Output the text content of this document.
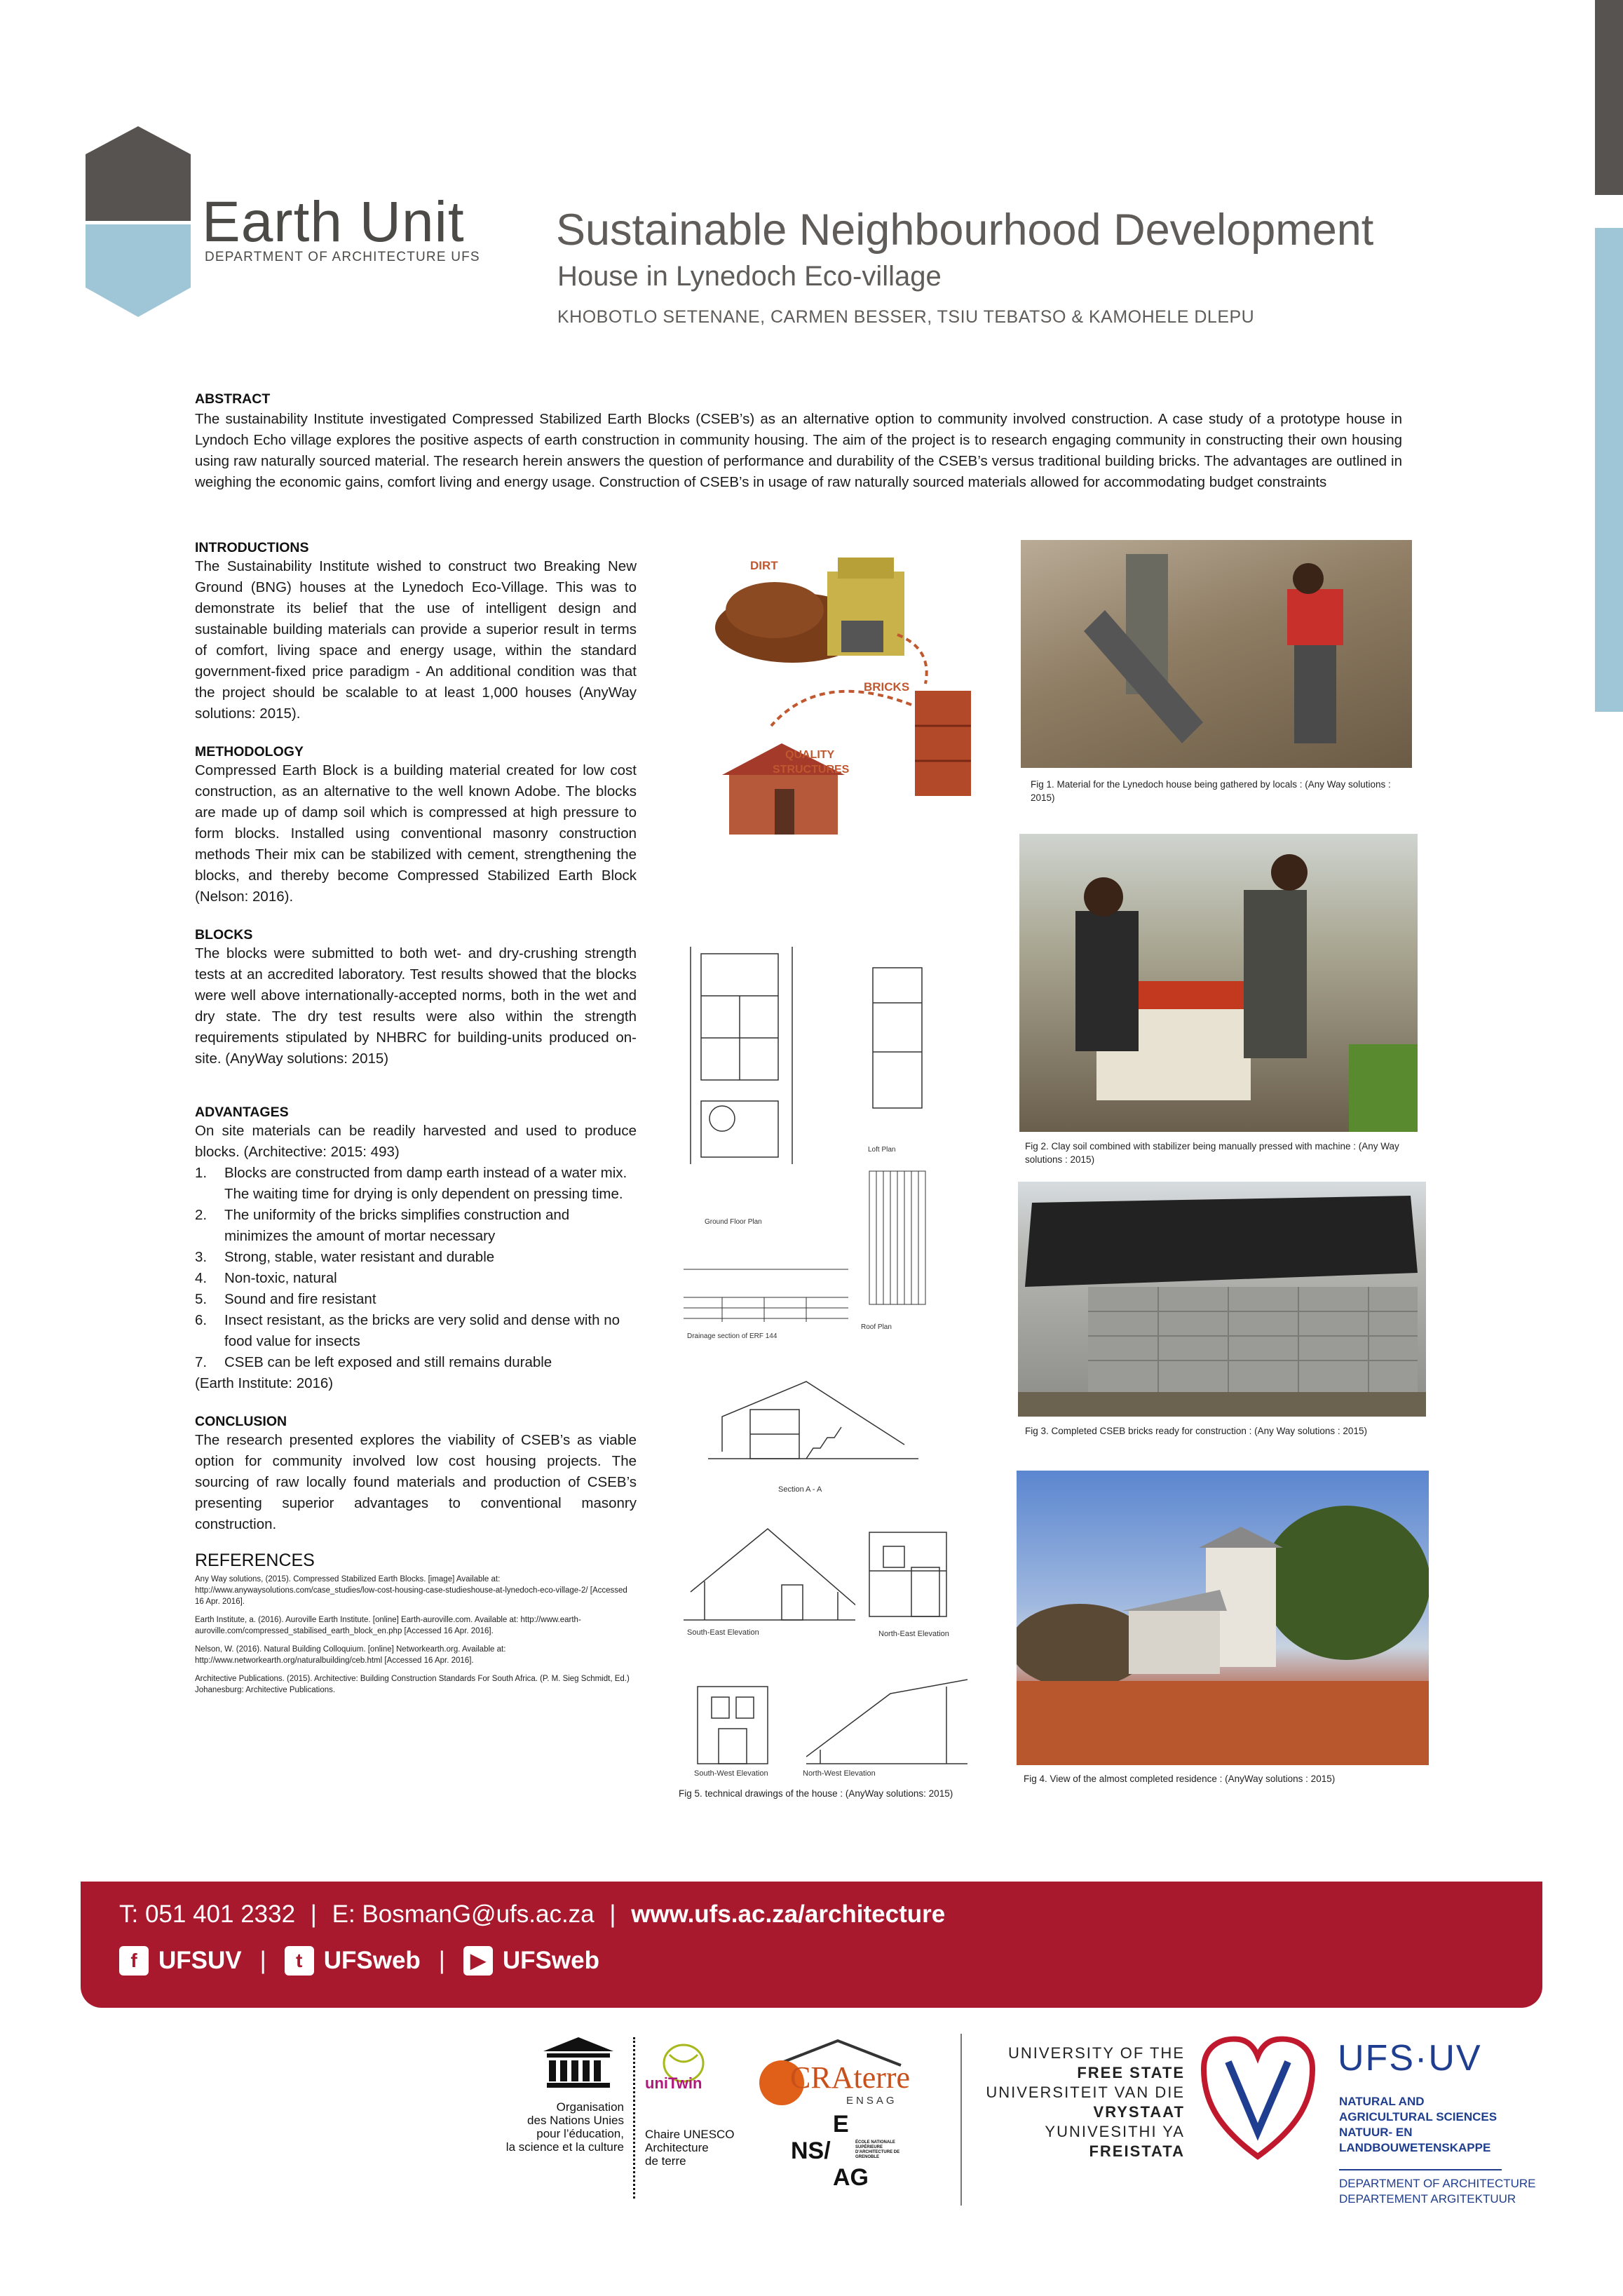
Earth Unit
DEPARTMENT OF ARCHITECTURE UFS
Sustainable Neighbourhood Development
House in Lynedoch Eco-village
KHOBOTLO SETENANE, CARMEN BESSER, TSIU TEBATSO & KAMOHELE DLEPU
ABSTRACT
The sustainability Institute investigated Compressed Stabilized Earth Blocks (CSEB’s) as an alternative option to community involved construction. A case study of a prototype house in Lyndoch Echo village explores the positive aspects of earth construction in community housing. The aim of the project is to research engaging community in constructing their own housing using raw naturally sourced material. The research herein answers the question of performance and durability of the CSEB’s versus traditional building bricks. The advantages are outlined in weighing the economic gains, comfort living and energy usage. Construction of CSEB’s in usage of raw naturally sourced materials allowed for accommodating budget constraints
INTRODUCTIONS
The Sustainability Institute wished to construct two Breaking New Ground (BNG) houses at the Lynedoch Eco-Village. This was to demonstrate its belief that the use of intelligent design and sustainable building materials can provide a superior result in terms of comfort, living space and energy usage, within the standard government-fixed price paradigm - An additional condition was that the project should be scalable to at least 1,000 houses (AnyWay solutions: 2015).
METHODOLOGY
Compressed Earth Block is a building material created for low cost construction, as an alternative to the well known Adobe. The blocks are made up of damp soil which is compressed at high pressure to form blocks. Installed using conventional masonry construction methods Their mix can be stabilized with cement, strengthening the blocks, and thereby become Compressed Stabilized Earth Block (Nelson: 2016).
BLOCKS
The blocks were submitted to both wet- and dry-crushing strength tests at an accredited laboratory. Test results showed that the blocks were well above internationally-accepted norms, both in the wet and dry state. The dry test results were also within the strength requirements stipulated by NHBRC for building-units produced on-site. (AnyWay solutions: 2015)
ADVANTAGES
On site materials can be readily harvested and used to produce blocks. (Architective: 2015: 493)
1. Blocks are constructed from damp earth instead of a water mix. The waiting time for drying is only dependent on pressing time.
2. The uniformity of the bricks simplifies construction and minimizes the amount of mortar necessary
3. Strong, stable, water resistant and durable
4. Non-toxic, natural
5. Sound and fire resistant
6. Insect resistant, as the bricks are very solid and dense with no food value for insects
7. CSEB can be left exposed and still remains durable
(Earth Institute: 2016)
CONCLUSION
The research presented explores the viability of CSEB’s as viable option for community involved low cost housing projects. The sourcing of raw locally found materials and production of CSEB’s presenting superior advantages to conventional masonry construction.
REFERENCES
Any Way solutions, (2015). Compressed Stabilized Earth Blocks. [image] Available at: http://www.anywaysolutions.com/case_studies/low-cost-housing-case-studieshouse-at-lynedoch-eco-village-2/ [Accessed 16 Apr. 2016].
Earth Institute, a. (2016). Auroville Earth Institute. [online] Earth-auroville.com. Available at: http://www.earth-auroville.com/compressed_stabilised_earth_block_en.php [Accessed 16 Apr. 2016].
Nelson, W. (2016). Natural Building Colloquium. [online] Networkearth.org. Available at: http://www.networkearth.org/naturalbuilding/ceb.html [Accessed 16 Apr. 2016].
Architective Publications. (2015). Architective: Building Construction Standards For South Africa. (P. M. Sieg Schmidt, Ed.) Johanesburg: Architective Publications.
DIRT
BRICKS
QUALITY
STRUCTURES
Fig 1. Material for the Lynedoch house being gathered by locals : (Any Way solutions : 2015)
Fig 2. Clay soil combined with stabilizer being manually pressed with machine : (Any Way solutions : 2015)
Fig 3. Completed CSEB bricks ready for construction : (Any Way solutions : 2015)
Fig 4. View of the almost completed residence : (AnyWay solutions : 2015)
Ground Floor Plan
Loft Plan
Roof Plan
Drainage section of ERF 144
Section A - A
South-East Elevation	North-East Elevation
South-West Elevation	North-West Elevation
Fig 5. technical drawings of the house : (AnyWay solutions: 2015)
T: 051 401 2332 | E: BosmanG@ufs.ac.za | www.ufs.ac.za/architecture
f UFSUV |	t UFSweb |	▶ UFSweb
Organisation
des Nations Unies
pour l’éducation,
la science et la culture
uniTwin
Chaire UNESCO
Architecture
de terre
CRAterre
ENSAG
E
NS/
AG
ÉCOLE NATIONALE SUPÉRIEURE D'ARCHITECTURE DE GRENOBLE
UNIVERSITY OF THE
FREE STATE
UNIVERSITEIT VAN DIE
VRYSTAAT
YUNIVESITHI YA
FREISTATA
UFS·UV
NATURAL AND
AGRICULTURAL SCIENCES
NATUUR- EN
LANDBOUWETENSKAPPE
DEPARTMENT OF ARCHITECTURE
DEPARTEMENT ARGITEKTUUR
